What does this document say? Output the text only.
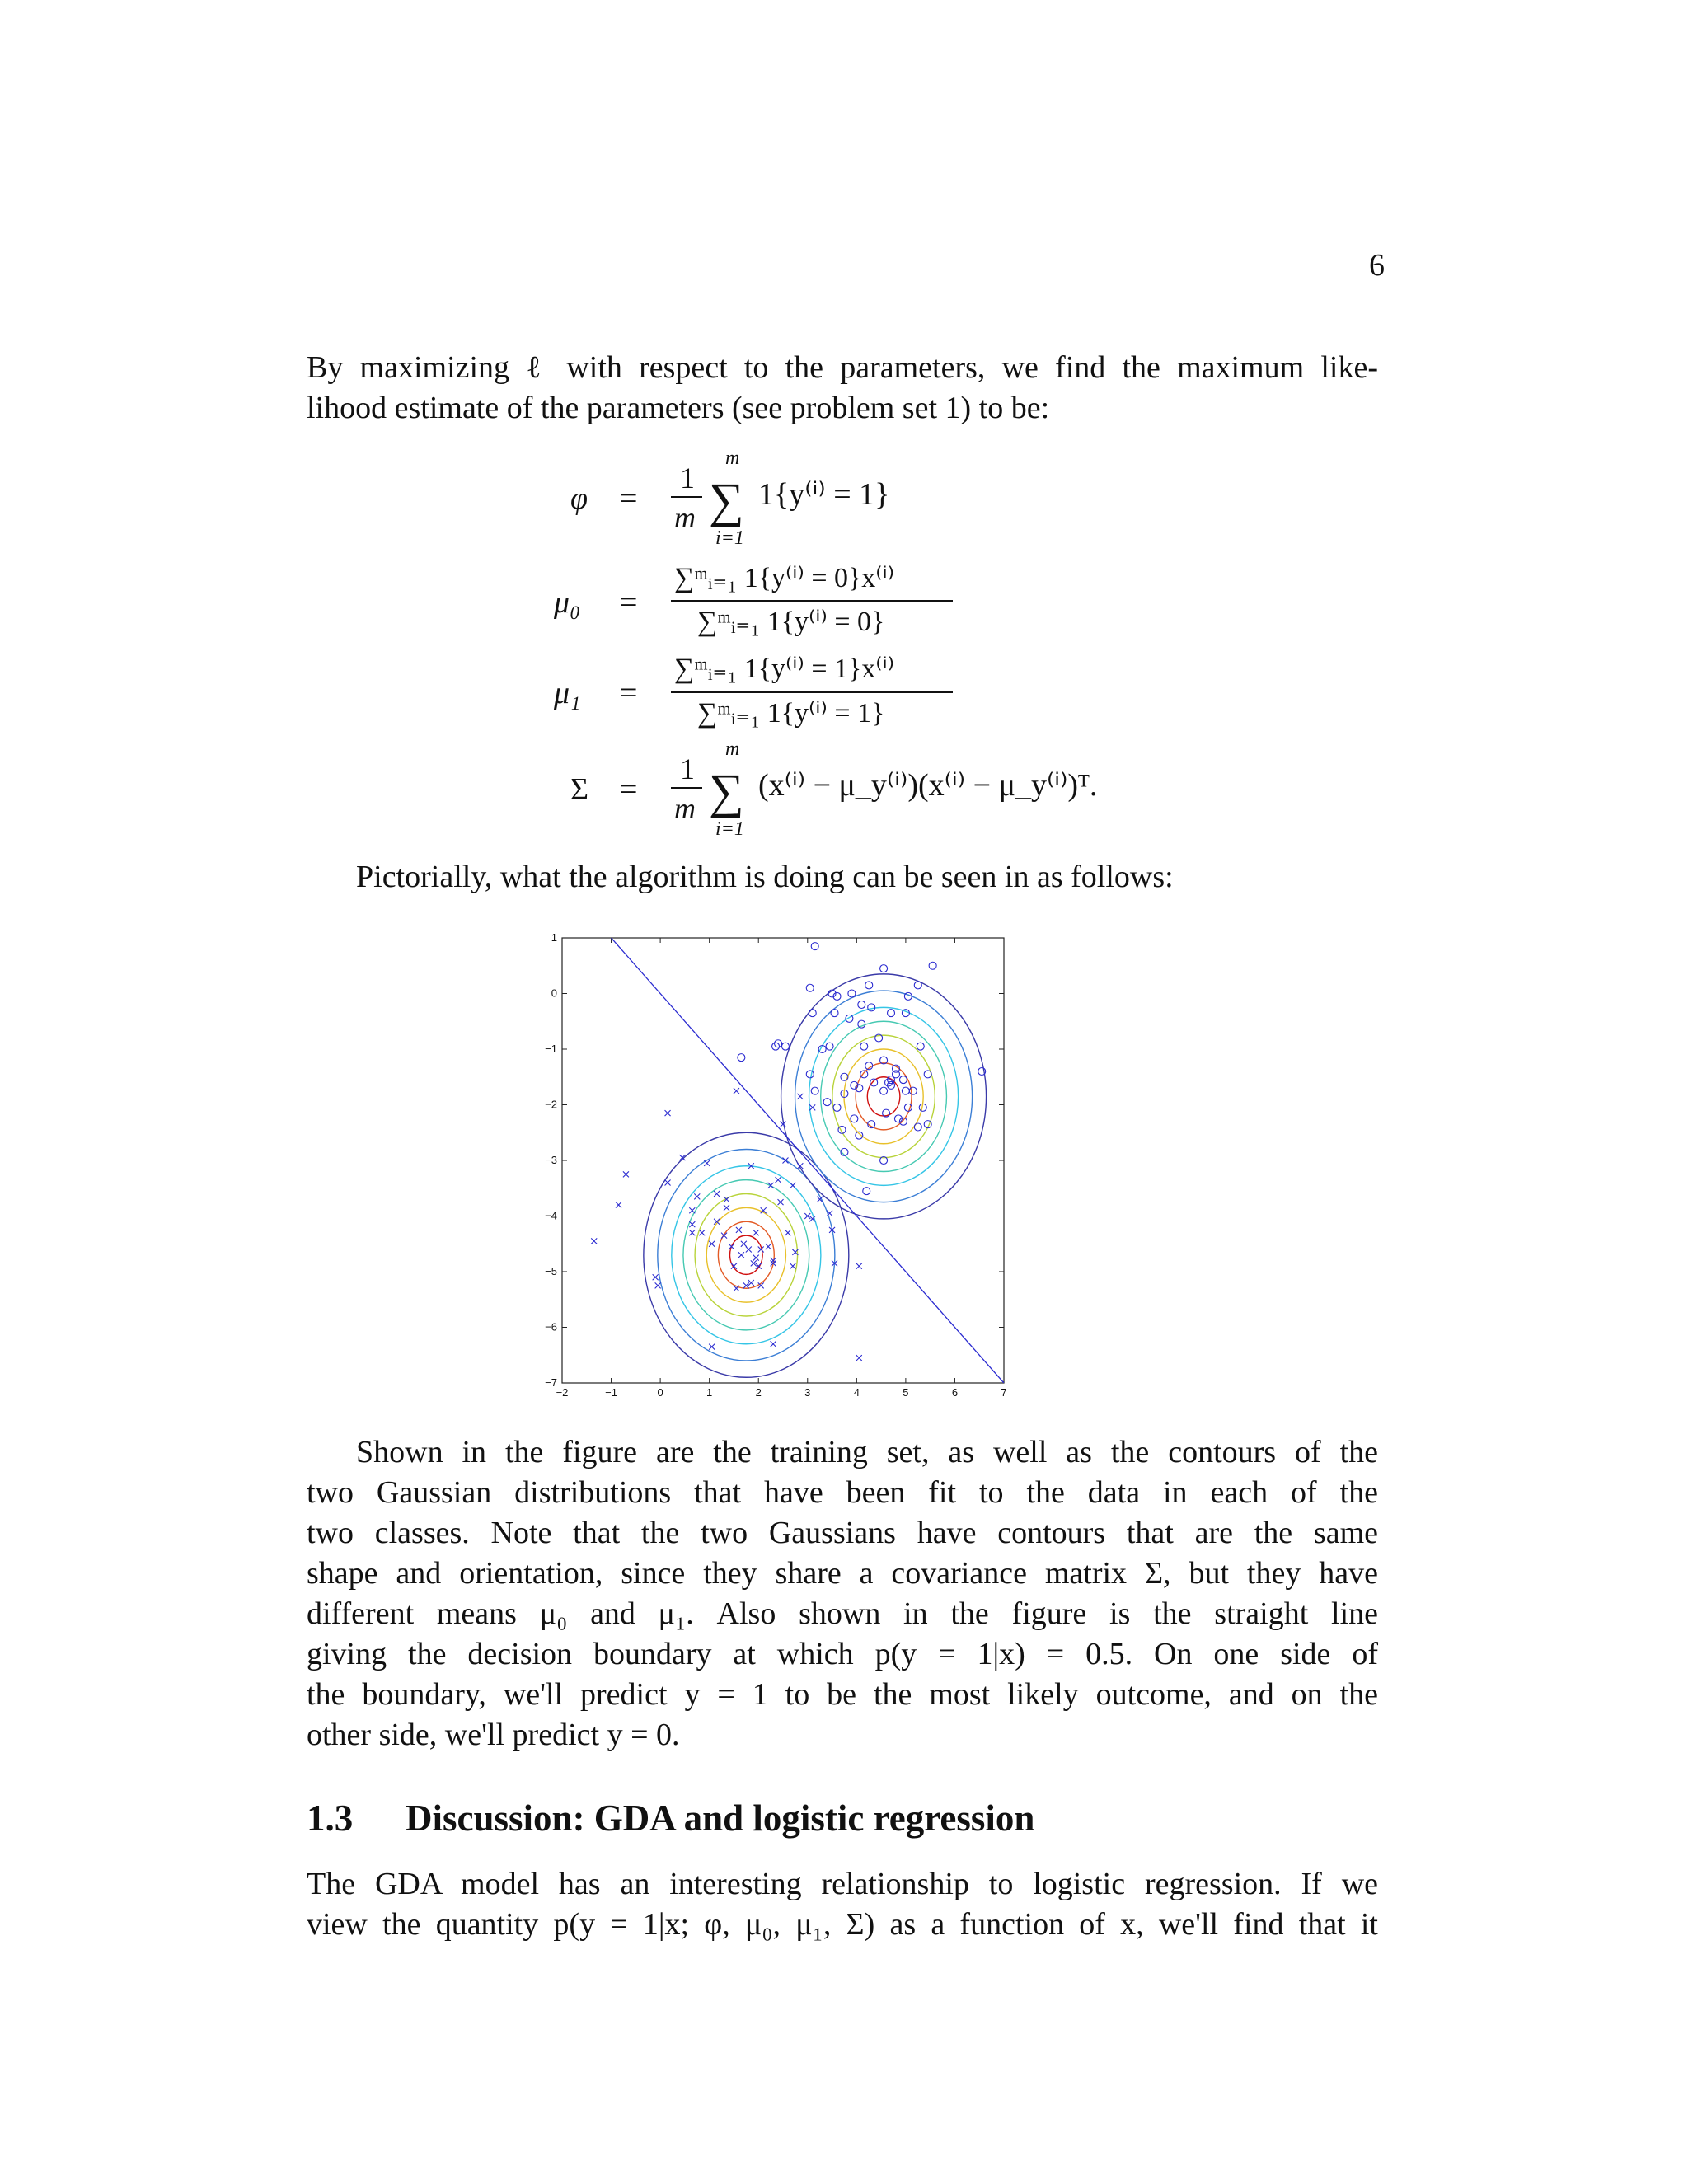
6
By maximizing ℓ with respect to the parameters, we find the maximum like-
lihood estimate of the parameters (see problem set 1) to be:
φ =
1
m
m
∑
i=1
1{y⁽ⁱ⁾ = 1}
μ₀ =
∑ᵐᵢ₌₁ 1{y⁽ⁱ⁾ = 0}x⁽ⁱ⁾
∑ᵐᵢ₌₁ 1{y⁽ⁱ⁾ = 0}
μ₁ =
∑ᵐᵢ₌₁ 1{y⁽ⁱ⁾ = 1}x⁽ⁱ⁾
∑ᵐᵢ₌₁ 1{y⁽ⁱ⁾ = 1}
Σ =
1
m
m
∑
i=1
(x⁽ⁱ⁾ − μ_y⁽ⁱ⁾)(x⁽ⁱ⁾ − μ_y⁽ⁱ⁾)ᵀ.
Pictorially, what the algorithm is doing can be seen in as follows:
−2	−1	0	1	2	3	4	5	6	7
1
0
−1
−2
−3
−4
−5
−6
−7
Shown in the figure are the training set, as well as the contours of the
two Gaussian distributions that have been fit to the data in each of the
two classes. Note that the two Gaussians have contours that are the same
shape and orientation, since they share a covariance matrix Σ, but they have
different means μ₀ and μ₁. Also shown in the figure is the straight line
giving the decision boundary at which p(y = 1|x) = 0.5. On one side of
the boundary, we'll predict y = 1 to be the most likely outcome, and on the
other side, we'll predict y = 0.
1.3 Discussion: GDA and logistic regression
The GDA model has an interesting relationship to logistic regression. If we
view the quantity p(y = 1|x; φ, μ₀, μ₁, Σ) as a function of x, we'll find that it
